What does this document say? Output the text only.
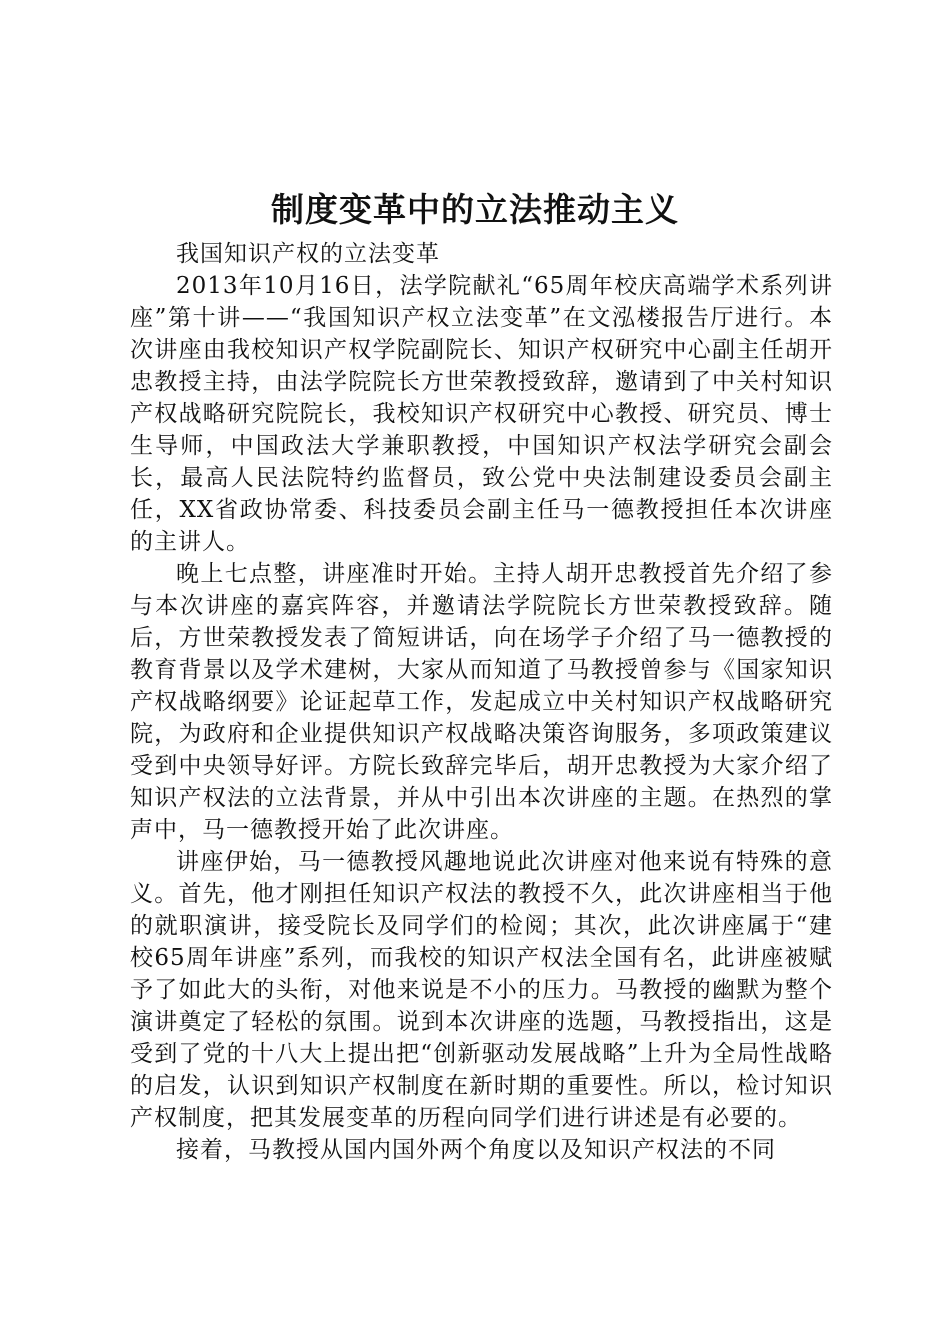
制度变革中的立法推动主义

我国知识产权的立法变革

2013年10月16日，法学院献礼“65周年校庆高端学术系列讲座”第十讲——“我国知识产权立法变革”在文泓楼报告厅进行。本次讲座由我校知识产权学院副院长、知识产权研究中心副主任胡开忠教授主持，由法学院院长方世荣教授致辞，邀请到了中关村知识产权战略研究院院长，我校知识产权研究中心教授、研究员、博士生导师，中国政法大学兼职教授，中国知识产权法学研究会副会长，最高人民法院特约监督员，致公党中央法制建设委员会副主任，XX省政协常委、科技委员会副主任马一德教授担任本次讲座的主讲人。

晚上七点整，讲座准时开始。主持人胡开忠教授首先介绍了参与本次讲座的嘉宾阵容，并邀请法学院院长方世荣教授致辞。随后，方世荣教授发表了简短讲话，向在场学子介绍了马一德教授的教育背景以及学术建树，大家从而知道了马教授曾参与《国家知识产权战略纲要》论证起草工作，发起成立中关村知识产权战略研究院，为政府和企业提供知识产权战略决策咨询服务，多项政策建议受到中央领导好评。方院长致辞完毕后，胡开忠教授为大家介绍了知识产权法的立法背景，并从中引出本次讲座的主题。在热烈的掌声中，马一德教授开始了此次讲座。

讲座伊始，马一德教授风趣地说此次讲座对他来说有特殊的意义。首先，他才刚担任知识产权法的教授不久，此次讲座相当于他的就职演讲，接受院长及同学们的检阅；其次，此次讲座属于“建校65周年讲座”系列，而我校的知识产权法全国有名，此讲座被赋予了如此大的头衔，对他来说是不小的压力。马教授的幽默为整个演讲奠定了轻松的氛围。说到本次讲座的选题，马教授指出，这是受到了党的十八大上提出把“创新驱动发展战略”上升为全局性战略的启发，认识到知识产权制度在新时期的重要性。所以，检讨知识产权制度，把其发展变革的历程向同学们进行讲述是有必要的。

接着，马教授从国内国外两个角度以及知识产权法的不同
